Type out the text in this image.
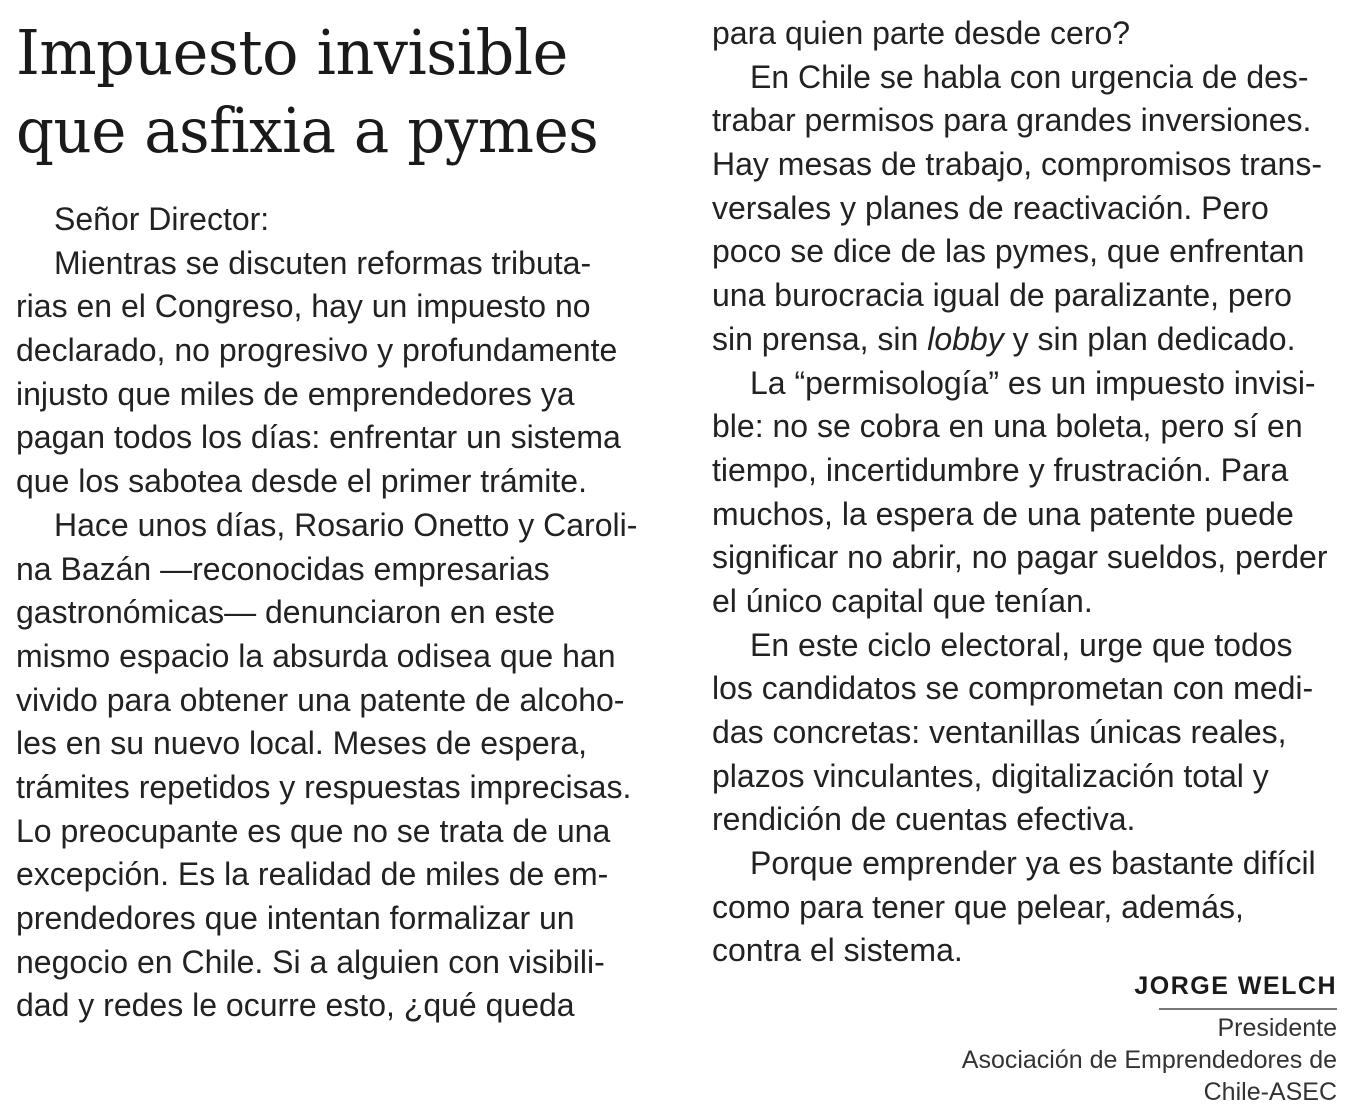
Impuesto invisible
que asfixia a pymes
Señor Director:
Mientras se discuten reformas tributa-
rias en el Congreso, hay un impuesto no
declarado, no progresivo y profundamente
injusto que miles de emprendedores ya
pagan todos los días: enfrentar un sistema
que los sabotea desde el primer trámite.
Hace unos días, Rosario Onetto y Caroli-
na Bazán —reconocidas empresarias
gastronómicas— denunciaron en este
mismo espacio la absurda odisea que han
vivido para obtener una patente de alcoho-
les en su nuevo local. Meses de espera,
trámites repetidos y respuestas imprecisas.
Lo preocupante es que no se trata de una
excepción. Es la realidad de miles de em-
prendedores que intentan formalizar un
negocio en Chile. Si a alguien con visibili-
dad y redes le ocurre esto, ¿qué queda
para quien parte desde cero?
En Chile se habla con urgencia de des-
trabar permisos para grandes inversiones.
Hay mesas de trabajo, compromisos trans-
versales y planes de reactivación. Pero
poco se dice de las pymes, que enfrentan
una burocracia igual de paralizante, pero
sin prensa, sin lobby y sin plan dedicado.
La “permisología” es un impuesto invisi-
ble: no se cobra en una boleta, pero sí en
tiempo, incertidumbre y frustración. Para
muchos, la espera de una patente puede
significar no abrir, no pagar sueldos, perder
el único capital que tenían.
En este ciclo electoral, urge que todos
los candidatos se comprometan con medi-
das concretas: ventanillas únicas reales,
plazos vinculantes, digitalización total y
rendición de cuentas efectiva.
Porque emprender ya es bastante difícil
como para tener que pelear, además,
contra el sistema.
JORGE WELCH
Presidente
Asociación de Emprendedores de Chile-ASEC
